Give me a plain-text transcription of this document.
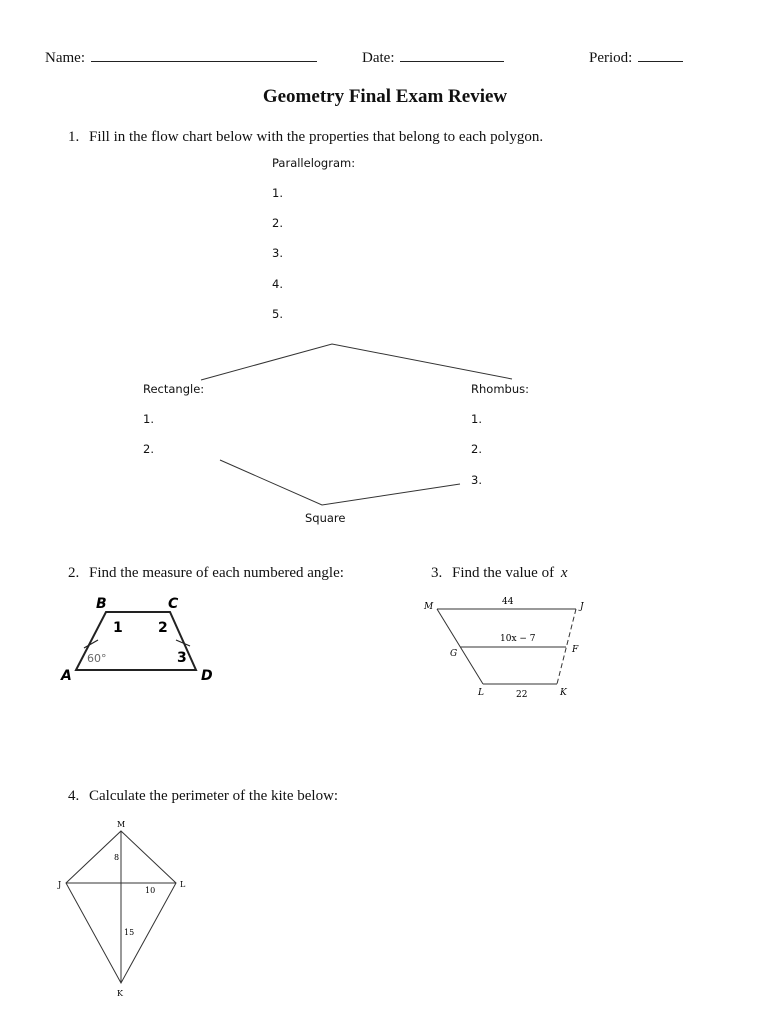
Name:	Date:	Period:
Geometry Final Exam Review
1. Fill in the flow chart below with the properties that belong to each polygon.
Parallelogram:
1.
2.
3.
4.
5.
Rectangle:
1.
2.
Rhombus:
1.
2.
3.
Square
2. Find the measure of each numbered angle:
B	C
A	D
1	2
3
60°
3. Find the value of x
M	J
G	F
L	K
44
10x − 7
22
4. Calculate the perimeter of the kite below:
M
J	L
K
8
10
15
